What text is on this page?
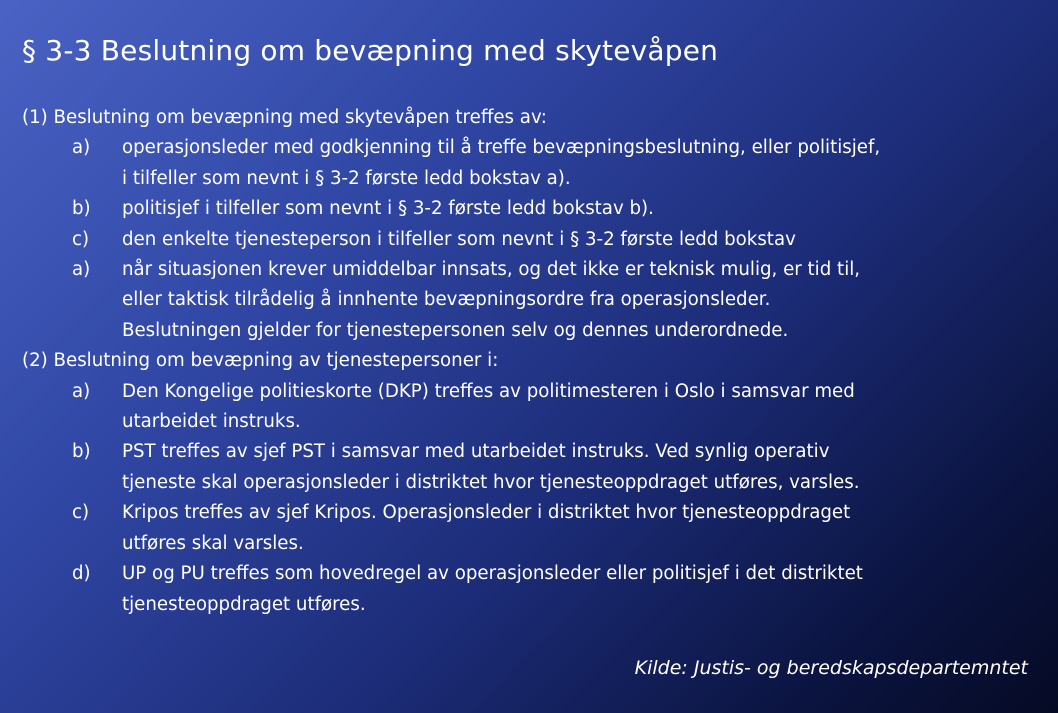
§ 3-3 Beslutning om bevæpning med skytevåpen
(1) Beslutning om bevæpning med skytevåpen treffes av:
a)	operasjonsleder med godkjenning til å treffe bevæpningsbeslutning, eller politisjef,
i tilfeller som nevnt i § 3-2 første ledd bokstav a).
b)	politisjef i tilfeller som nevnt i § 3-2 første ledd bokstav b).
c)	den enkelte tjenesteperson i tilfeller som nevnt i § 3-2 første ledd bokstav
a)	når situasjonen krever umiddelbar innsats, og det ikke er teknisk mulig, er tid til,
eller taktisk tilrådelig å innhente bevæpningsordre fra operasjonsleder.
Beslutningen gjelder for tjenestepersonen selv og dennes underordnede.
(2) Beslutning om bevæpning av tjenestepersoner i:
a)	Den Kongelige politieskorte (DKP) treffes av politimesteren i Oslo i samsvar med
utarbeidet instruks.
b)	PST treffes av sjef PST i samsvar med utarbeidet instruks. Ved synlig operativ
tjeneste skal operasjonsleder i distriktet hvor tjenesteoppdraget utføres, varsles.
c)	Kripos treffes av sjef Kripos. Operasjonsleder i distriktet hvor tjenesteoppdraget
utføres skal varsles.
d)	UP og PU treffes som hovedregel av operasjonsleder eller politisjef i det distriktet
tjenesteoppdraget utføres.
Kilde: Justis- og beredskapsdepartemntet
